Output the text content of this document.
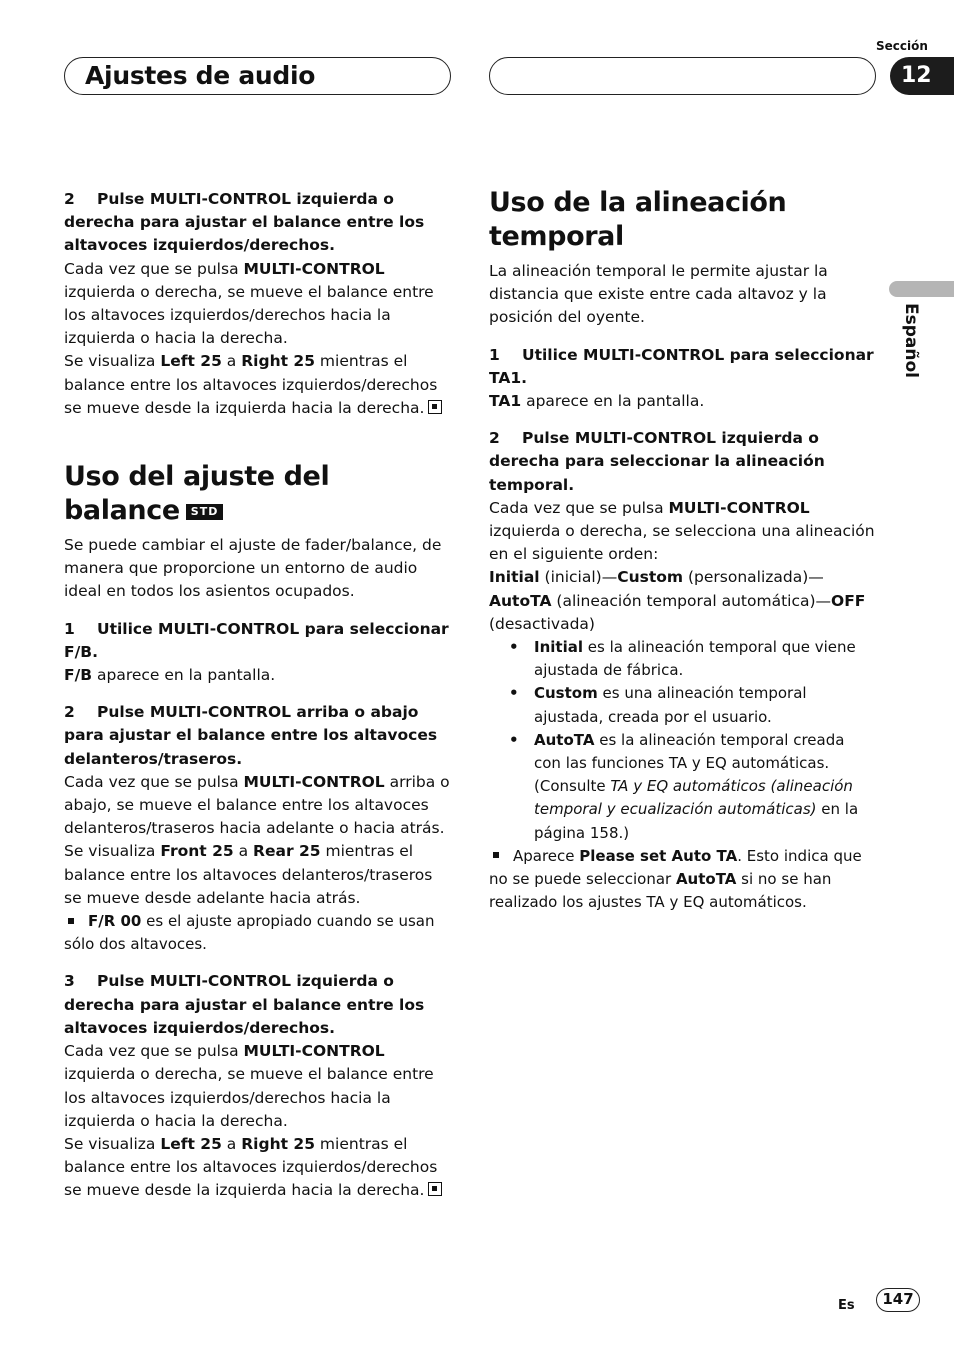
Ajustes de audio
Sección
12
Español
2 Pulse MULTI-CONTROL izquierda o derecha para ajustar el balance entre los altavoces izquierdos/derechos.

Cada vez que se pulsa MULTI-CONTROL izquierda o derecha, se mueve el balance entre los altavoces izquierdos/derechos hacia la izquierda o hacia la derecha.

Se visualiza Left 25 a Right 25 mientras el balance entre los altavoces izquierdos/derechos se mueve desde la izquierda hacia la derecha.

Uso del ajuste del balance STD

Se puede cambiar el ajuste de fader/balance, de manera que proporcione un entorno de audio ideal en todos los asientos ocupados.

1 Utilice MULTI-CONTROL para seleccionar F/B.

F/B aparece en la pantalla.

2 Pulse MULTI-CONTROL arriba o abajo para ajustar el balance entre los altavoces delanteros/traseros.

Cada vez que se pulsa MULTI-CONTROL arriba o abajo, se mueve el balance entre los altavoces delanteros/traseros hacia adelante o hacia atrás.

Se visualiza Front 25 a Rear 25 mientras el balance entre los altavoces delanteros/traseros se mueve desde adelante hacia atrás.

F/R 00 es el ajuste apropiado cuando se usan sólo dos altavoces.

3 Pulse MULTI-CONTROL izquierda o derecha para ajustar el balance entre los altavoces izquierdos/derechos.

Cada vez que se pulsa MULTI-CONTROL izquierda o derecha, se mueve el balance entre los altavoces izquierdos/derechos hacia la izquierda o hacia la derecha.

Se visualiza Left 25 a Right 25 mientras el balance entre los altavoces izquierdos/derechos se mueve desde la izquierda hacia la derecha.

Uso de la alineación temporal

La alineación temporal le permite ajustar la distancia que existe entre cada altavoz y la posición del oyente.

1 Utilice MULTI-CONTROL para seleccionar TA1.

TA1 aparece en la pantalla.

2 Pulse MULTI-CONTROL izquierda o derecha para seleccionar la alineación temporal.

Cada vez que se pulsa MULTI-CONTROL izquierda o derecha, se selecciona una alineación en el siguiente orden:

Initial (inicial)—Custom (personalizada)—AutoTA (alineación temporal automática)—OFF (desactivada)

• Initial es la alineación temporal que viene ajustada de fábrica.
• Custom es una alineación temporal ajustada, creada por el usuario.
• AutoTA es la alineación temporal creada con las funciones TA y EQ automáticas. (Consulte TA y EQ automáticos (alineación temporal y ecualización automáticas) en la página 158.)

Aparece Please set Auto TA. Esto indica que no se puede seleccionar AutoTA si no se han realizado los ajustes TA y EQ automáticos.

Es	147
